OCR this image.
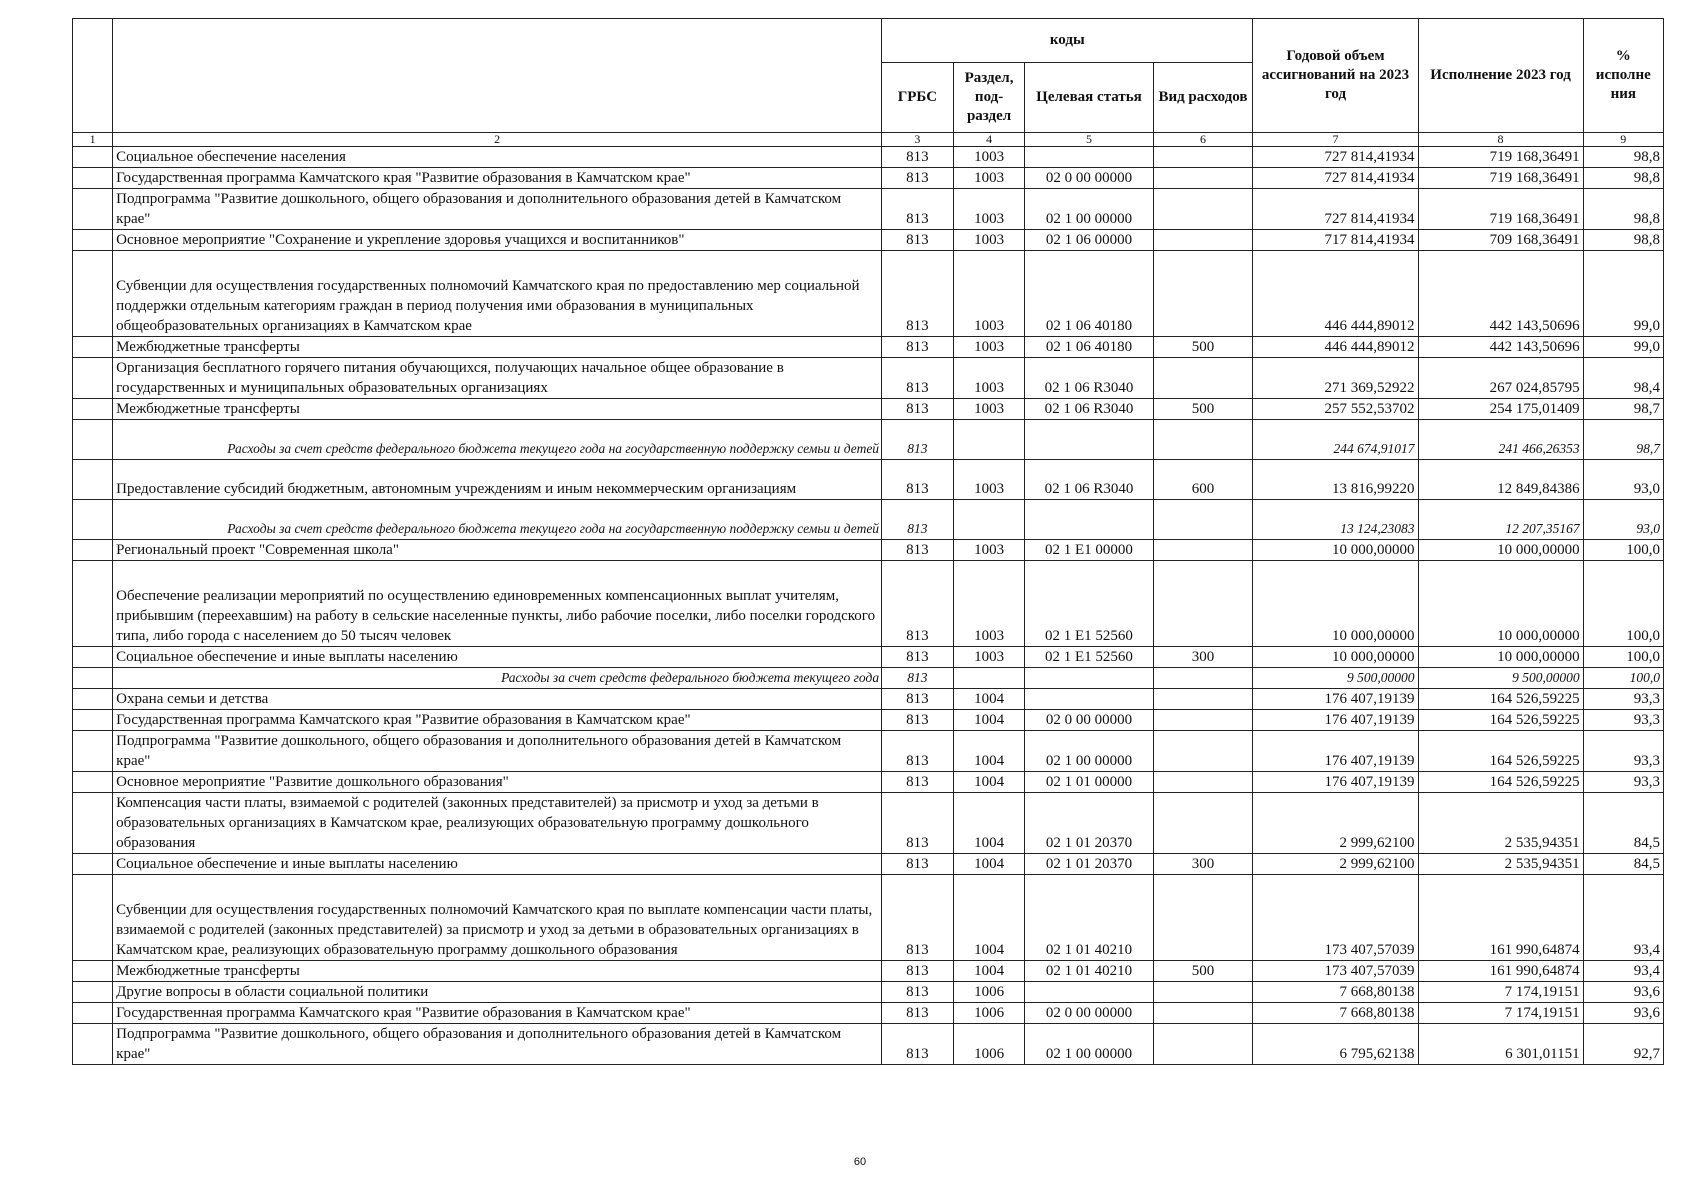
		коды				Годовой объем ассигнований на 2023 год	Исполнение 2023 год	% исполне ния
		ГРБС	Раздел, под-раздел	Целевая статья	Вид расходов			
1	2	3	4	5	6	7	8	9
	Социальное обеспечение населения	813	1003			727 814,41934	719 168,36491	98,8
	Государственная программа Камчатского края "Развитие образования в Камчатском крае"	813	1003	02 0 00 00000		727 814,41934	719 168,36491	98,8
	Подпрограмма "Развитие дошкольного, общего образования и дополнительного образования детей в Камчатском крае"	813	1003	02 1 00 00000		727 814,41934	719 168,36491	98,8
	Основное мероприятие "Сохранение и укрепление здоровья учащихся и воспитанников"	813	1003	02 1 06 00000		717 814,41934	709 168,36491	98,8
	Субвенции для осуществления государственных полномочий Камчатского края по предоставлению мер социальной поддержки отдельным категориям граждан в период получения ими образования в муниципальных общеобразовательных организациях в Камчатском крае	813	1003	02 1 06 40180		446 444,89012	442 143,50696	99,0
	Межбюджетные трансферты	813	1003	02 1 06 40180	500	446 444,89012	442 143,50696	99,0
	Организация бесплатного горячего питания обучающихся, получающих начальное общее образование в государственных и муниципальных образовательных организациях	813	1003	02 1 06 R3040		271 369,52922	267 024,85795	98,4
	Межбюджетные трансферты	813	1003	02 1 06 R3040	500	257 552,53702	254 175,01409	98,7
	Расходы за счет средств федерального бюджета текущего года на государственную поддержку семьи и детей	813				244 674,91017	241 466,26353	98,7
	Предоставление субсидий бюджетным, автономным учреждениям и иным некоммерческим организациям	813	1003	02 1 06 R3040	600	13 816,99220	12 849,84386	93,0
	Расходы за счет средств федерального бюджета текущего года на государственную поддержку семьи и детей	813				13 124,23083	12 207,35167	93,0
	Региональный проект "Современная школа"	813	1003	02 1 E1 00000		10 000,00000	10 000,00000	100,0
	Обеспечение реализации мероприятий по осуществлению единовременных компенсационных выплат учителям, прибывшим (переехавшим) на работу в сельские населенные пункты, либо рабочие поселки, либо поселки городского типа, либо города с населением до 50 тысяч человек	813	1003	02 1 E1 52560		10 000,00000	10 000,00000	100,0
	Социальное обеспечение и иные выплаты населению	813	1003	02 1 E1 52560	300	10 000,00000	10 000,00000	100,0
	Расходы за счет средств федерального бюджета текущего года	813				9 500,00000	9 500,00000	100,0
	Охрана семьи и детства	813	1004			176 407,19139	164 526,59225	93,3
	Государственная программа Камчатского края "Развитие образования в Камчатском крае"	813	1004	02 0 00 00000		176 407,19139	164 526,59225	93,3
	Подпрограмма "Развитие дошкольного, общего образования и дополнительного образования детей в Камчатском крае"	813	1004	02 1 00 00000		176 407,19139	164 526,59225	93,3
	Основное мероприятие "Развитие дошкольного образования"	813	1004	02 1 01 00000		176 407,19139	164 526,59225	93,3
	Компенсация части платы, взимаемой с родителей (законных представителей) за присмотр и уход за детьми в образовательных организациях в Камчатском крае, реализующих образовательную программу дошкольного образования	813	1004	02 1 01 20370		2 999,62100	2 535,94351	84,5
	Социальное обеспечение и иные выплаты населению	813	1004	02 1 01 20370	300	2 999,62100	2 535,94351	84,5
	Субвенции для осуществления государственных полномочий Камчатского края по выплате компенсации части платы, взимаемой с родителей (законных представителей) за присмотр и уход за детьми в образовательных организациях в Камчатском крае, реализующих образовательную программу дошкольного образования	813	1004	02 1 01 40210		173 407,57039	161 990,64874	93,4
	Межбюджетные трансферты	813	1004	02 1 01 40210	500	173 407,57039	161 990,64874	93,4
	Другие вопросы в области социальной политики	813	1006			7 668,80138	7 174,19151	93,6
	Государственная программа Камчатского края "Развитие образования в Камчатском крае"	813	1006	02 0 00 00000		7 668,80138	7 174,19151	93,6
	Подпрограмма "Развитие дошкольного, общего образования и дополнительного образования детей в Камчатском крае"	813	1006	02 1 00 00000		6 795,62138	6 301,01151	92,7
60
